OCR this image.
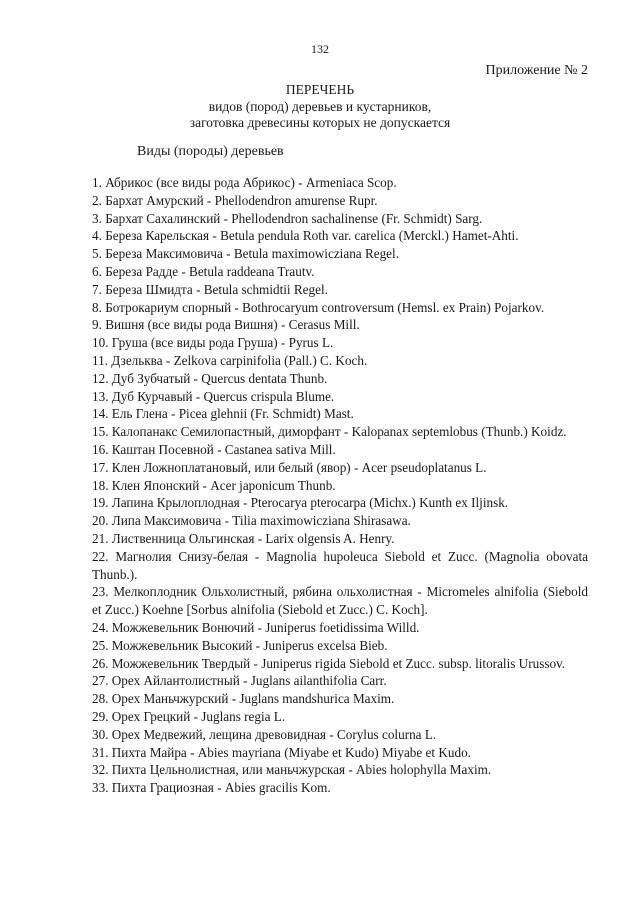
132
Приложение № 2
ПЕРЕЧЕНЬ
видов (пород) деревьев и кустарников,
заготовка древесины которых не допускается
Виды (породы) деревьев
1. Абрикос (все виды рода Абрикос) - Armeniaca Scop.
2. Бархат Амурский - Phellodendron amurense Rupr.
3. Бархат Сахалинский - Phellodendron sachalinense (Fr. Schmidt) Sarg.
4. Береза Карельская - Betula pendula Roth var. carelica (Merckl.) Hamet-Ahti.
5. Береза Максимовича - Betula maximowicziana Regel.
6. Береза Радде - Betula raddeana Trautv.
7. Береза Шмидта - Betula schmidtii Regel.
8. Ботрокариум спорный - Bothrocaryum controversum (Hemsl. ex Prain) Pojarkov.
9. Вишня (все виды рода Вишня) - Cerasus Mill.
10. Груша (все виды рода Груша) - Pyrus L.
11. Дзельква - Zelkova carpinifolia (Pall.) C. Koch.
12. Дуб Зубчатый - Quercus dentata Thunb.
13. Дуб Курчавый - Quercus crispula Blume.
14. Ель Глена - Picea glehnii (Fr. Schmidt) Mast.
15. Калопанакс Семилопастный, диморфант - Kalopanax septemlobus (Thunb.) Koidz.
16. Каштан Посевной - Castanea sativa Mill.
17. Клен Ложноплатановый, или белый (явор) - Acer pseudoplatanus L.
18. Клен Японский - Acer japonicum Thunb.
19. Лапина Крылоплодная - Pterocarya pterocarpa (Michx.) Kunth ex Iljinsk.
20. Липа Максимовича - Tilia maximowicziana Shirasawa.
21. Лиственница Ольгинская - Larix olgensis A. Henry.
22. Магнолия Снизу-белая - Magnolia hupoleuca Siebold et Zucc. (Magnolia obovata Thunb.).
23. Мелкоплодник Ольхолистный, рябина ольхолистная - Micromeles alnifolia (Siebold et Zucc.) Koehne [Sorbus alnifolia (Siebold et Zucc.) C. Koch].
24. Можжевельник Вонючий - Juniperus foetidissima Willd.
25. Можжевельник Высокий - Juniperus excelsa Bieb.
26. Можжевельник Твердый - Juniperus rigida Siebold et Zucc. subsp. litoralis Urussov.
27. Орех Айлантолистный - Juglans ailanthifolia Carr.
28. Орех Маньчжурский - Juglans mandshurica Maxim.
29. Орех Грецкий - Juglans regia L.
30. Орех Медвежий, лещина древовидная - Corylus colurna L.
31. Пихта Майра - Abies mayriana (Miyabe et Kudo) Miyabe et Kudo.
32. Пихта Цельнолистная, или маньчжурская - Abies holophylla Maxim.
33. Пихта Грациозная - Abies gracilis Kom.
